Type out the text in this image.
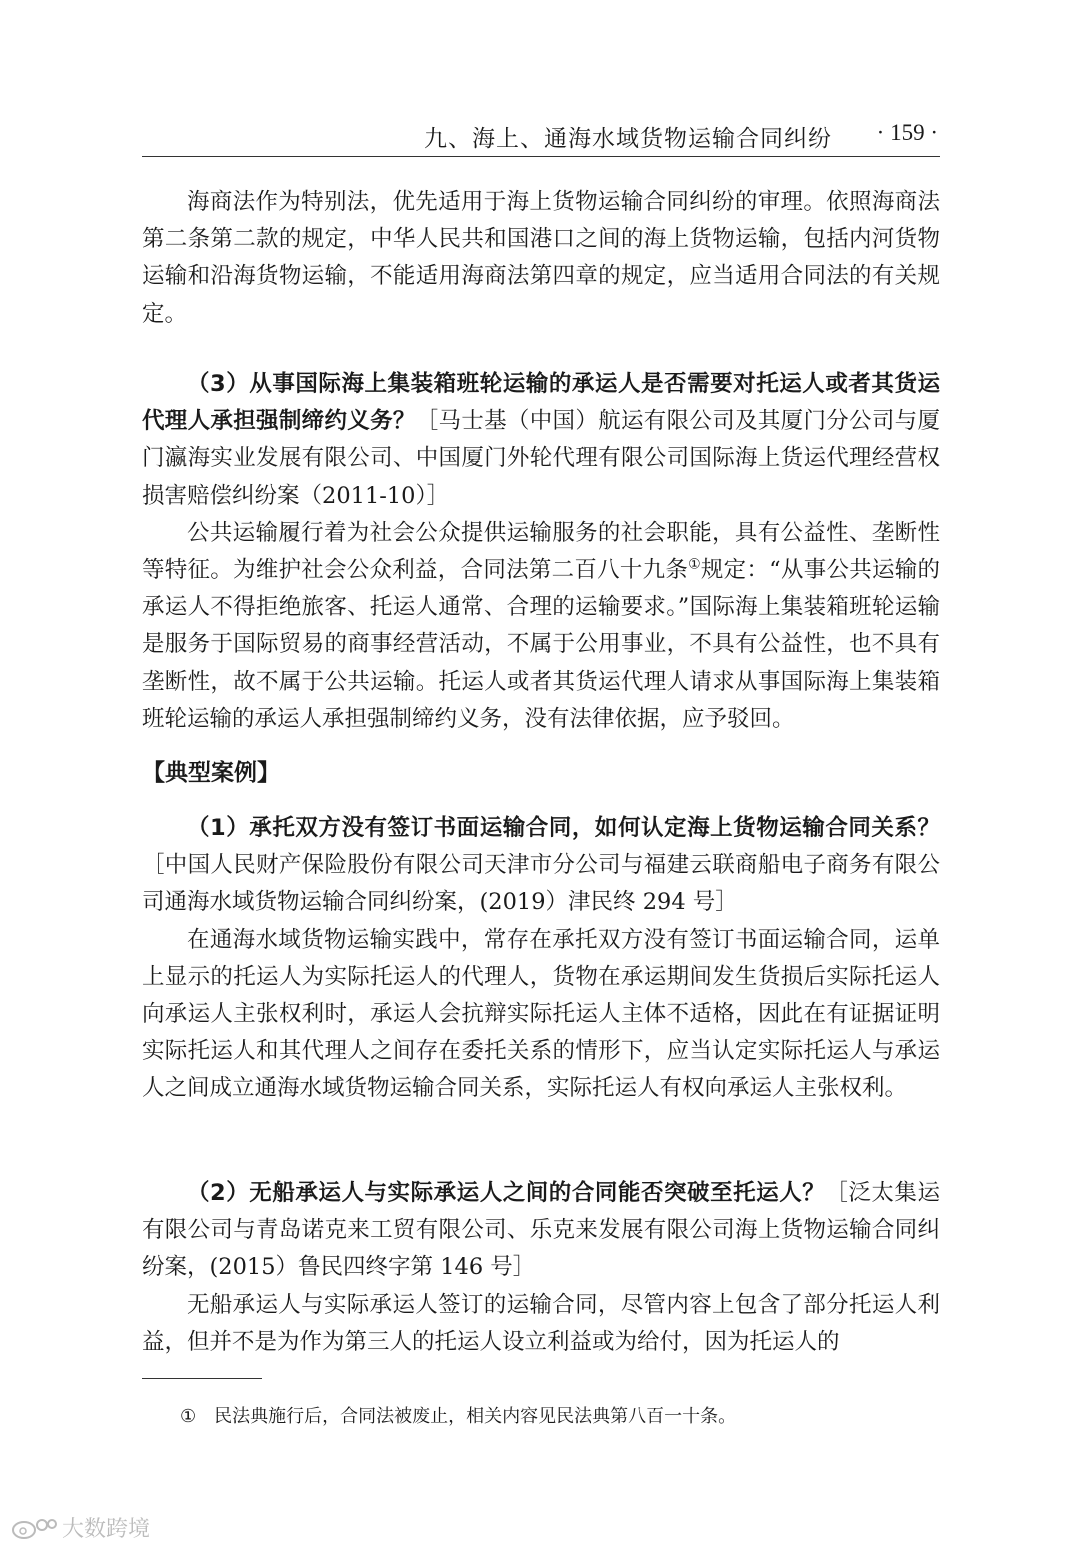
九、海上、通海水域货物运输合同纠纷 · 159 ·

海商法作为特别法，优先适用于海上货物运输合同纠纷的审理。依照海商法第二条第二款的规定，中华人民共和国港口之间的海上货物运输，包括内河货物运输和沿海货物运输，不能适用海商法第四章的规定，应当适用合同法的有关规定。

（3）从事国际海上集装箱班轮运输的承运人是否需要对托运人或者其货运代理人承担强制缔约义务？［马士基（中国）航运有限公司及其厦门分公司与厦门瀛海实业发展有限公司、中国厦门外轮代理有限公司国际海上货运代理经营权损害赔偿纠纷案（2011-10）］

公共运输履行着为社会公众提供运输服务的社会职能，具有公益性、垄断性等特征。为维护社会公众利益，合同法第二百八十九条①规定：“从事公共运输的承运人不得拒绝旅客、托运人通常、合理的运输要求。”国际海上集装箱班轮运输是服务于国际贸易的商事经营活动，不属于公用事业，不具有公益性，也不具有垄断性，故不属于公共运输。托运人或者其货运代理人请求从事国际海上集装箱班轮运输的承运人承担强制缔约义务，没有法律依据，应予驳回。

【典型案例】

（1）承托双方没有签订书面运输合同，如何认定海上货物运输合同关系？［中国人民财产保险股份有限公司天津市分公司与福建云联商船电子商务有限公司通海水域货物运输合同纠纷案，(2019）津民终 294 号］

在通海水域货物运输实践中，常存在承托双方没有签订书面运输合同，运单上显示的托运人为实际托运人的代理人，货物在承运期间发生货损后实际托运人向承运人主张权利时，承运人会抗辩实际托运人主体不适格，因此在有证据证明实际托运人和其代理人之间存在委托关系的情形下，应当认定实际托运人与承运人之间成立通海水域货物运输合同关系，实际托运人有权向承运人主张权利。

（2）无船承运人与实际承运人之间的合同能否突破至托运人？［泛太集运有限公司与青岛诺克来工贸有限公司、乐克来发展有限公司海上货物运输合同纠纷案，(2015）鲁民四终字第 146 号］

无船承运人与实际承运人签订的运输合同，尽管内容上包含了部分托运人利益，但并不是为作为第三人的托运人设立利益或为给付，因为托运人的

① 民法典施行后，合同法被废止，相关内容见民法典第八百一十条。
大数跨境
